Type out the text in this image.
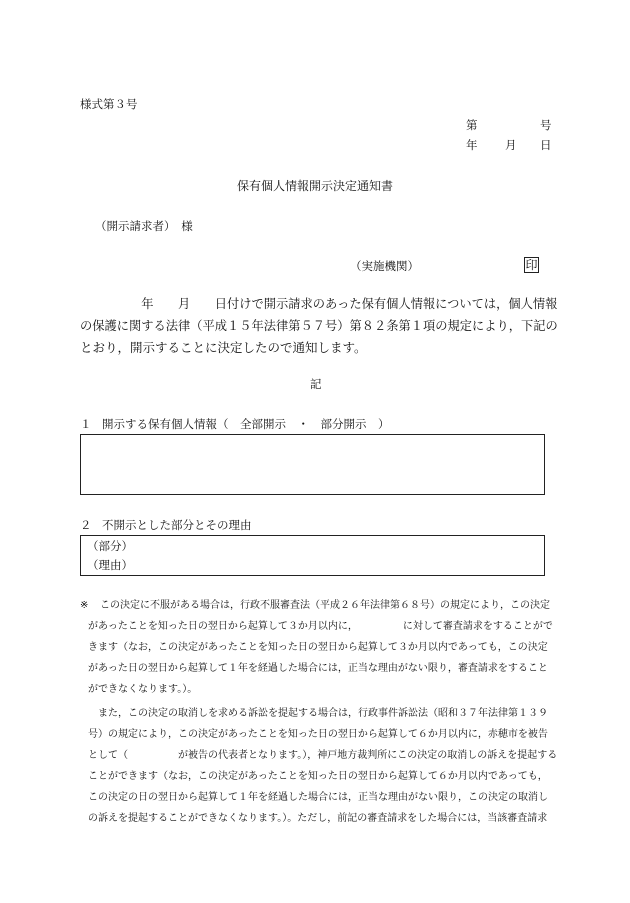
様式第３号
第	号
年 月 日
保有個人情報開示決定通知書
（開示請求者）　様
（実施機関）	印
　　　　　年　　月　　日付けで開示請求のあった保有個人情報については，個人情報
の保護に関する法律（平成１５年法律第５７号）第８２条第１項の規定により，下記の
とおり，開示することに決定したので通知します。
記
１ 開示する保有個人情報（　全部開示　・　部分開示　）
２ 不開示とした部分とその理由
（部分）
（理由）
※ この決定に不服がある場合は，行政不服審査法（平成２６年法律第６８号）の規定により，この決定
があったことを知った日の翌日から起算して３か月以内に，　　　　　に対して審査請求をすることがで
きます（なお，この決定があったことを知った日の翌日から起算して３か月以内であっても，この決定
があった日の翌日から起算して１年を経過した場合には，正当な理由がない限り，審査請求をすること
ができなくなります。）。
　また，この決定の取消しを求める訴訟を提起する場合は，行政事件訴訟法（昭和３７年法律第１３９
号）の規定により，この決定があったことを知った日の翌日から起算して６か月以内に，赤穂市を被告
として（　　　　　が被告の代表者となります。），神戸地方裁判所にこの決定の取消しの訴えを提起する
ことができます（なお，この決定があったことを知った日の翌日から起算して６か月以内であっても，
この決定の日の翌日から起算して１年を経過した場合には，正当な理由がない限り，この決定の取消し
の訴えを提起することができなくなります。）。ただし，前記の審査請求をした場合には，当該審査請求
